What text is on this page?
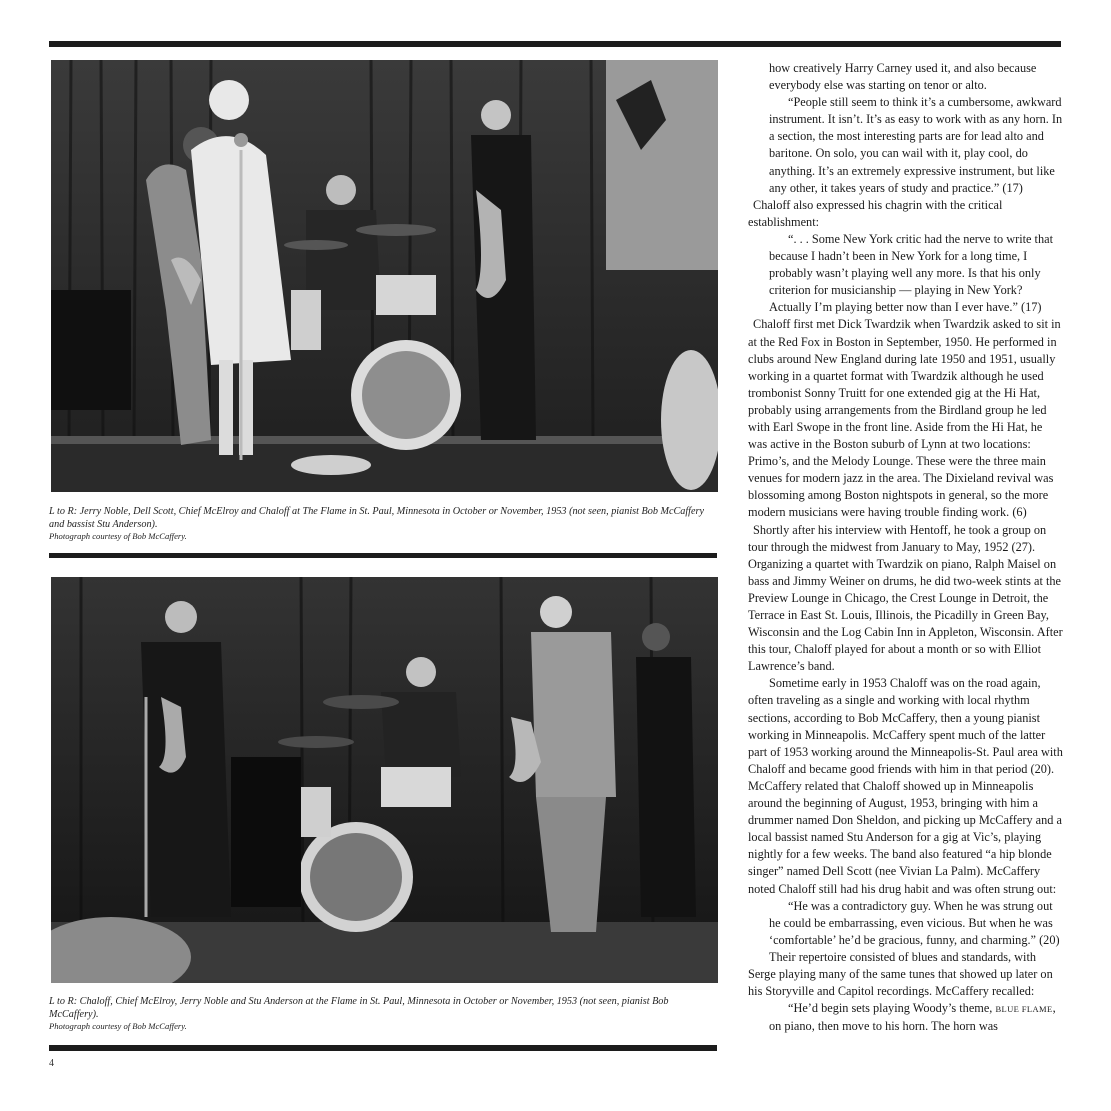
L to R: Jerry Noble, Dell Scott, Chief McElroy and Chaloff at The Flame in St. Paul, Minnesota in October or November, 1953 (not seen, pianist Bob McCaffery and bassist Stu Anderson).
Photograph courtesy of Bob McCaffery.
L to R: Chaloff, Chief McElroy, Jerry Noble and Stu Anderson at the Flame in St. Paul, Minnesota in October or November, 1953 (not seen, pianist Bob McCaffery).
Photograph courtesy of Bob McCaffery.
4

how creatively Harry Carney used it, and also because everybody else was starting on tenor or alto.

“People still seem to think it’s a cumbersome, awkward instrument. It isn’t. It’s as easy to work with as any horn. In a section, the most interesting parts are for lead alto and baritone. On solo, you can wail with it, play cool, do anything. It’s an extremely expressive instrument, but like any other, it takes years of study and practice.” (17)

Chaloff also expressed his chagrin with the critical establishment:

“. . . Some New York critic had the nerve to write that because I hadn’t been in New York for a long time, I probably wasn’t playing well any more. Is that his only criterion for musicianship — playing in New York? Actually I’m playing better now than I ever have.” (17)

Chaloff first met Dick Twardzik when Twardzik asked to sit in at the Red Fox in Boston in September, 1950. He performed in clubs around New England during late 1950 and 1951, usually working in a quartet format with Twardzik although he used trombonist Sonny Truitt for one extended gig at the Hi Hat, probably using arrangements from the Birdland group he led with Earl Swope in the front line. Aside from the Hi Hat, he was active in the Boston suburb of Lynn at two locations: Primo’s, and the Melody Lounge. These were the three main venues for modern jazz in the area. The Dixieland revival was blossoming among Boston nightspots in general, so the more modern musicians were having trouble finding work. (6)

Shortly after his interview with Hentoff, he took a group on tour through the midwest from January to May, 1952 (27). Organizing a quartet with Twardzik on piano, Ralph Maisel on bass and Jimmy Weiner on drums, he did two-week stints at the Preview Lounge in Chicago, the Crest Lounge in Detroit, the Terrace in East St. Louis, Illinois, the Picadilly in Green Bay, Wisconsin and the Log Cabin Inn in Appleton, Wisconsin. After this tour, Chaloff played for about a month or so with Elliot Lawrence’s band.

Sometime early in 1953 Chaloff was on the road again, often traveling as a single and working with local rhythm sections, according to Bob McCaffery, then a young pianist working in Minneapolis. McCaffery spent much of the latter part of 1953 working around the Minneapolis-St. Paul area with Chaloff and became good friends with him in that period (20). McCaffery related that Chaloff showed up in Minneapolis around the beginning of August, 1953, bringing with him a drummer named Don Sheldon, and picking up McCaffery and a local bassist named Stu Anderson for a gig at Vic’s, playing nightly for a few weeks. The band also featured “a hip blonde singer” named Dell Scott (nee Vivian La Palm). McCaffery noted Chaloff still had his drug habit and was often strung out:

“He was a contradictory guy. When he was strung out he could be embarrassing, even vicious. But when he was ‘comfortable’ he’d be gracious, funny, and charming.” (20)

Their repertoire consisted of blues and standards, with Serge playing many of the same tunes that showed up later on his Storyville and Capitol recordings. McCaffery recalled:

“He’d begin sets playing Woody’s theme, BLUE FLAME, on piano, then move to his horn. The horn was
